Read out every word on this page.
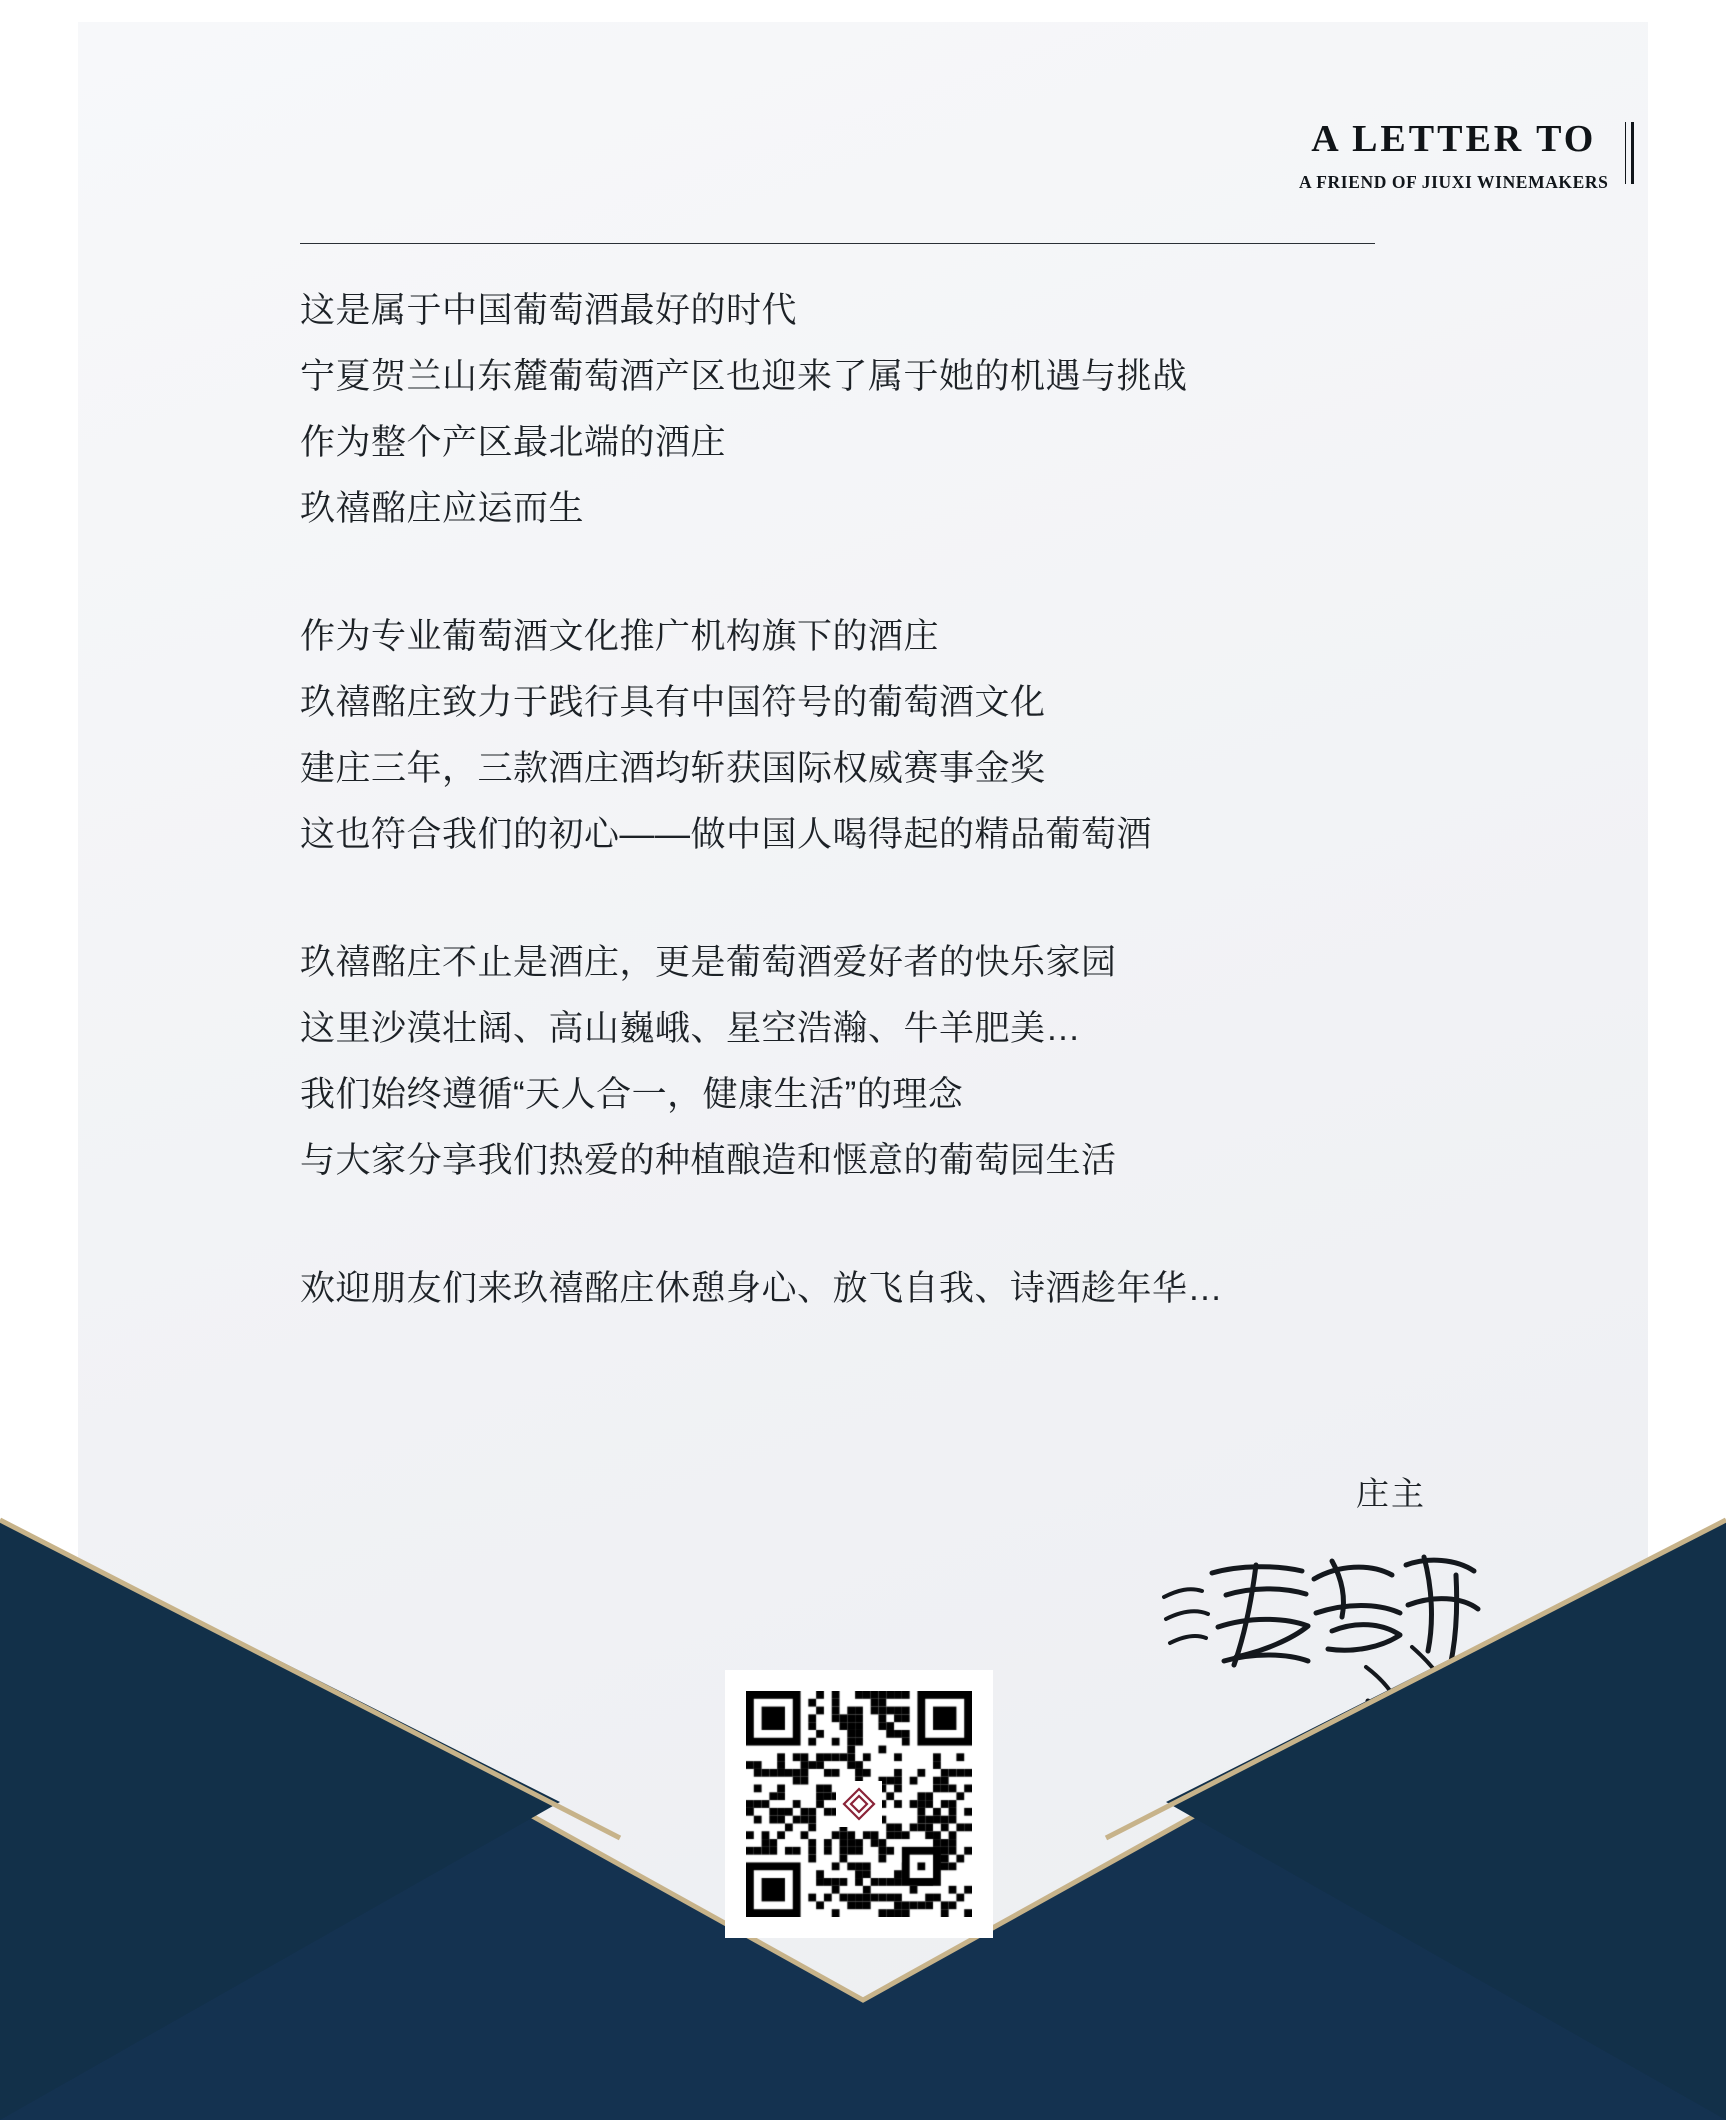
A LETTER TO
A FRIEND OF JIUXI WINEMAKERS
这是属于中国葡萄酒最好的时代
宁夏贺兰山东麓葡萄酒产区也迎来了属于她的机遇与挑战
作为整个产区最北端的酒庄
玖禧酩庄应运而生
作为专业葡萄酒文化推广机构旗下的酒庄
玖禧酩庄致力于践行具有中国符号的葡萄酒文化
建庄三年，三款酒庄酒均斩获国际权威赛事金奖
这也符合我们的初心——做中国人喝得起的精品葡萄酒
玖禧酩庄不止是酒庄，更是葡萄酒爱好者的快乐家园
这里沙漠壮阔、高山巍峨、星空浩瀚、牛羊肥美…
我们始终遵循“天人合一，健康生活”的理念
与大家分享我们热爱的种植酿造和惬意的葡萄园生活
欢迎朋友们来玖禧酩庄休憩身心、放飞自我、诗酒趁年华…
庄主
